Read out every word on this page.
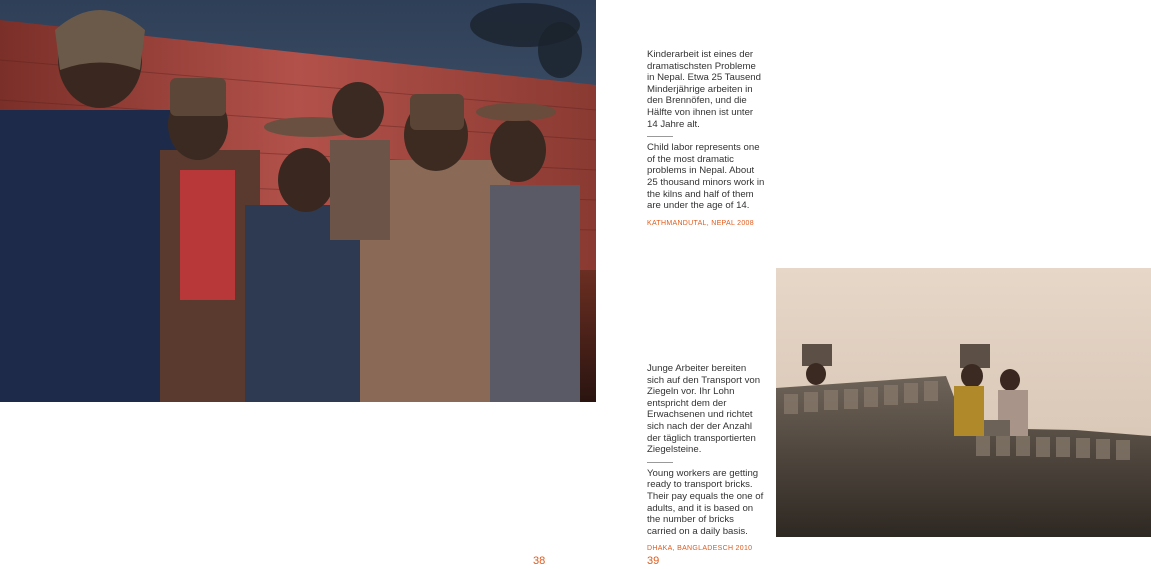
Kinderarbeit ist eines der dramatischsten Probleme in Nepal. Etwa 25 Tausend Minderjährige arbeiten in den Brennöfen, und die Hälfte von ihnen ist unter 14 Jahre alt.

Child labor represents one of the most dramatic problems in Nepal. About 25 thousand minors work in the kilns and half of them are under the age of 14.

KATHMANDUTAL, NEPAL 2008

Junge Arbeiter bereiten sich auf den Transport von Ziegeln vor. Ihr Lohn entspricht dem der Erwachsenen und richtet sich nach der der Anzahl der täglich transportierten Ziegelsteine.

Young workers are getting ready to transport bricks. Their pay equals the one of adults, and it is based on the number of bricks carried on a daily basis.

DHAKA, BANGLADESCH 2010
38	39
